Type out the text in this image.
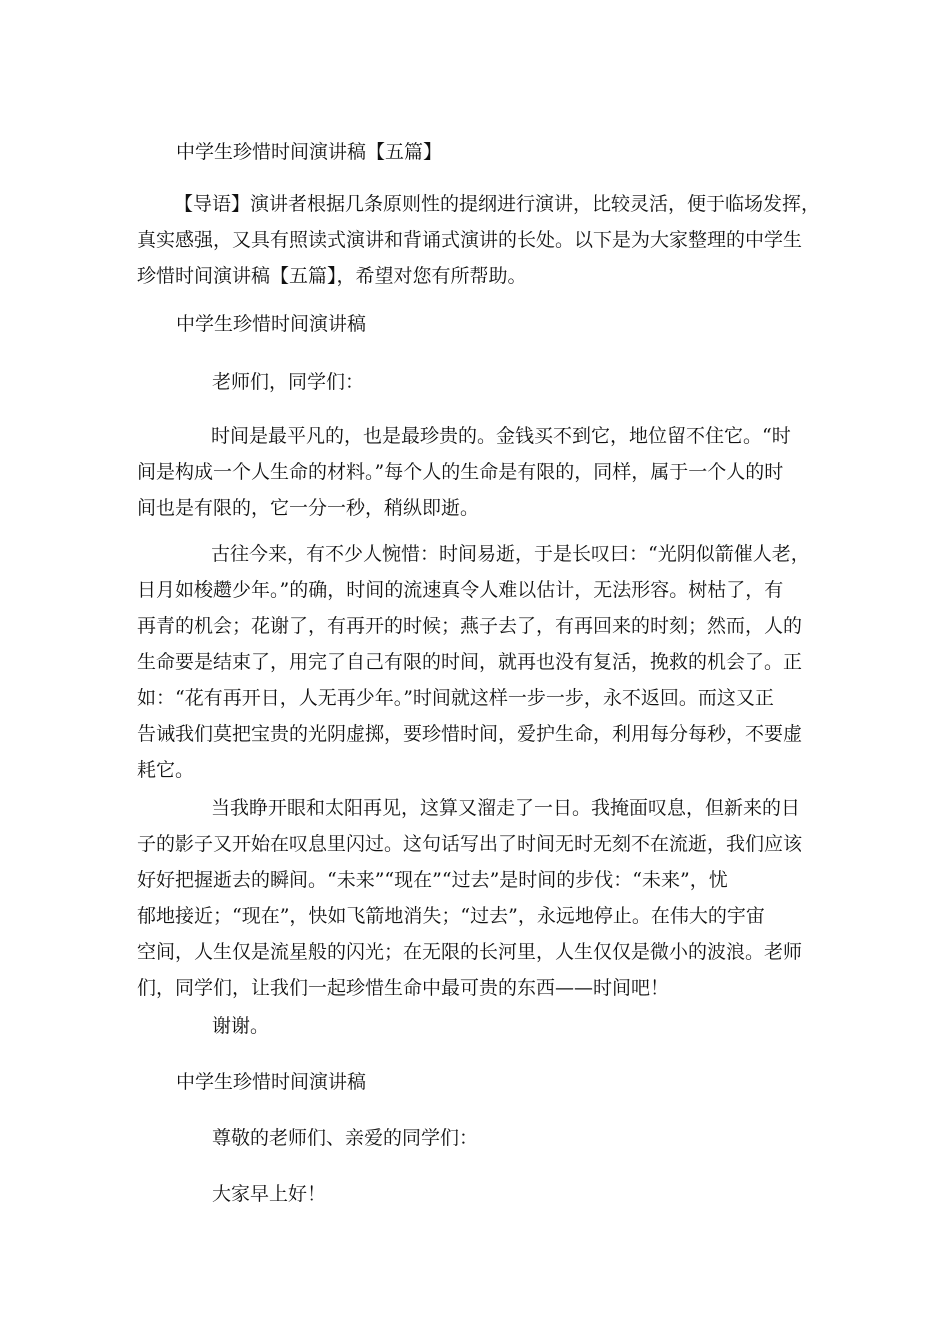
中学生珍惜时间演讲稿【五篇】

【导语】演讲者根据几条原则性的提纲进行演讲，比较灵活，便于临场发挥，
真实感强，又具有照读式演讲和背诵式演讲的长处。以下是为大家整理的中学生
珍惜时间演讲稿【五篇】，希望对您有所帮助。

中学生珍惜时间演讲稿

老师们，同学们：

时间是最平凡的，也是最珍贵的。金钱买不到它，地位留不住它。“时
间是构成一个人生命的材料。”每个人的生命是有限的，同样，属于一个人的时
间也是有限的，它一分一秒，稍纵即逝。

古往今来，有不少人惋惜：时间易逝，于是长叹曰：“光阴似箭催人老，
日月如梭趱少年。”的确，时间的流速真令人难以估计，无法形容。树枯了，有
再青的机会；花谢了，有再开的时候；燕子去了，有再回来的时刻；然而，人的
生命要是结束了，用完了自己有限的时间，就再也没有复活，挽救的机会了。正
如：“花有再开日，人无再少年。”时间就这样一步一步，永不返回。而这又正
告诫我们莫把宝贵的光阴虚掷，要珍惜时间，爱护生命，利用每分每秒，不要虚
耗它。

当我睁开眼和太阳再见，这算又溜走了一日。我掩面叹息，但新来的日
子的影子又开始在叹息里闪过。这句话写出了时间无时无刻不在流逝，我们应该
好好把握逝去的瞬间。“未来”“现在”“过去”是时间的步伐：“未来”，忧
郁地接近；“现在”，快如飞箭地消失；“过去”，永远地停止。在伟大的宇宙
空间，人生仅是流星般的闪光；在无限的长河里，人生仅仅是微小的波浪。老师
们，同学们，让我们一起珍惜生命中最可贵的东西——时间吧！

谢谢。

中学生珍惜时间演讲稿

尊敬的老师们、亲爱的同学们：

大家早上好！
